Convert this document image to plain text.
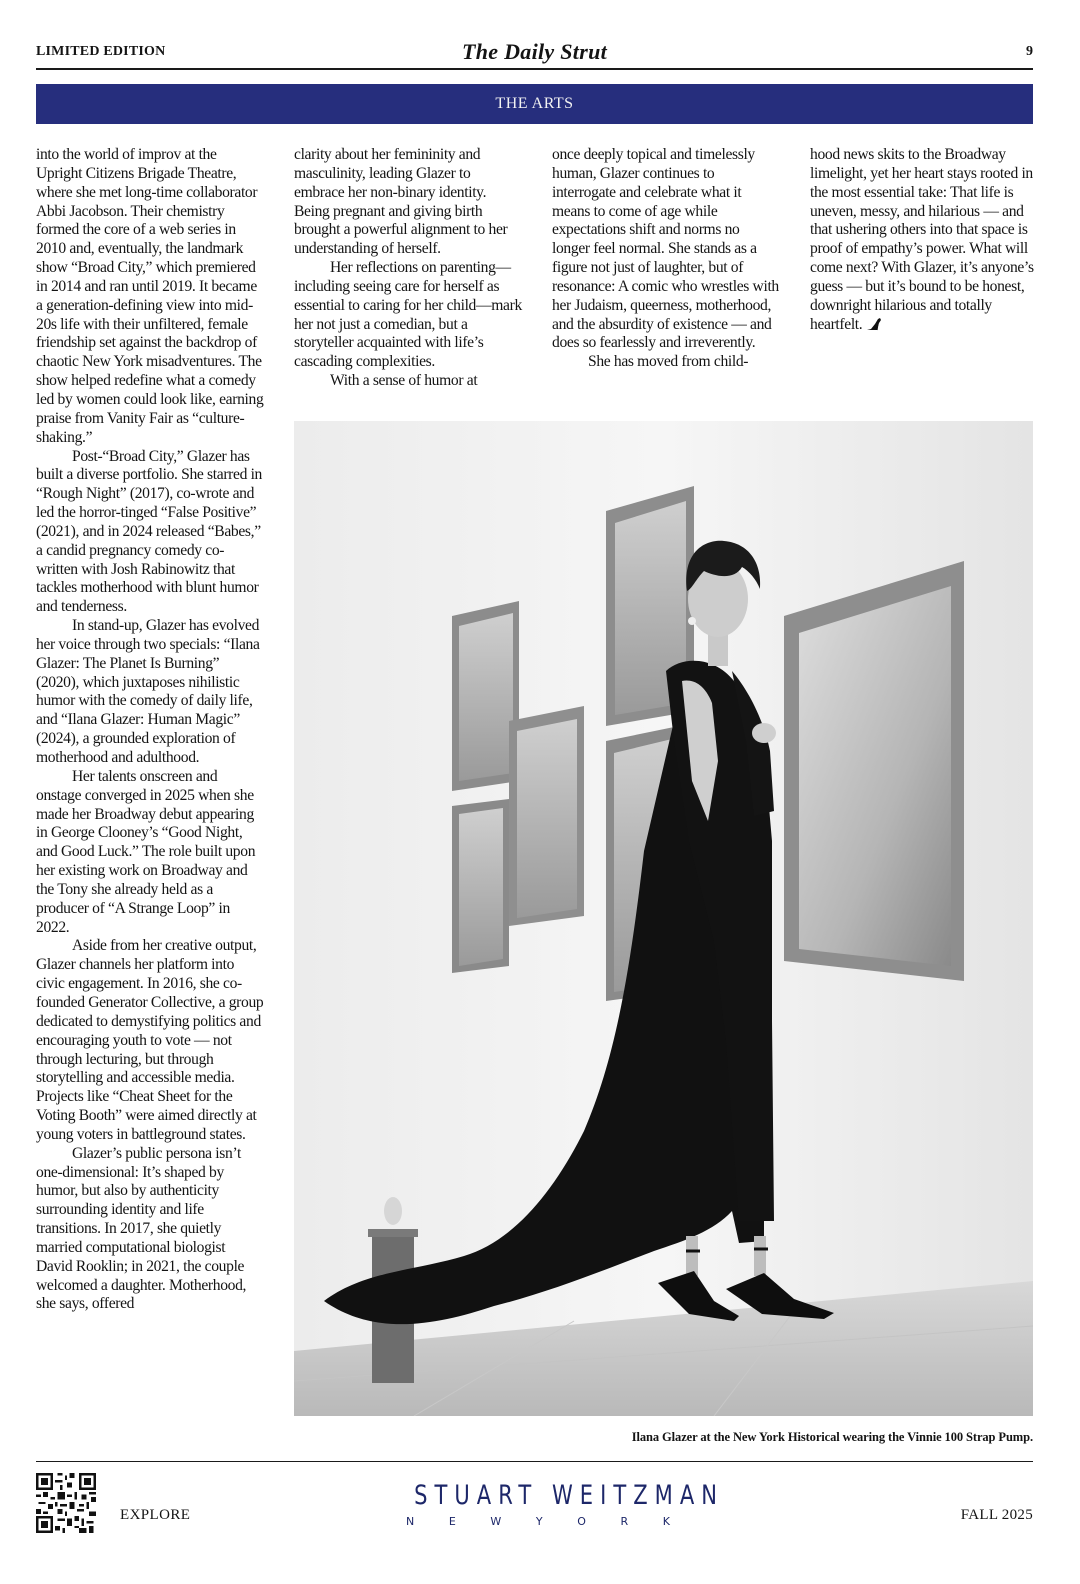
LIMITED EDITION	The Daily Strut	9
THE ARTS

into the world of improv at the Upright Citizens Brigade Theatre, where she met long-time collaborator Abbi Jacobson. Their chemistry formed the core of a web series in 2010 and, eventually, the landmark show “Broad City,” which premiered in 2014 and ran until 2019. It became a generation-defining view into mid-20s life with their unfiltered, female friendship set against the backdrop of chaotic New York misadventures. The show helped redefine what a comedy led by women could look like, earning praise from Vanity Fair as “culture-shaking.”

Post-“Broad City,” Glazer has built a diverse portfolio. She starred in “Rough Night” (2017), co-wrote and led the horror-tinged “False Positive” (2021), and in 2024 released “Babes,” a candid pregnancy comedy co-written with Josh Rabinowitz that tackles motherhood with blunt humor and tenderness.

In stand-up, Glazer has evolved her voice through two specials: “Ilana Glazer: The Planet Is Burning” (2020), which juxtaposes nihilistic humor with the comedy of daily life, and “Ilana Glazer: Human Magic” (2024), a grounded exploration of motherhood and adulthood.

Her talents onscreen and onstage converged in 2025 when she made her Broadway debut appearing in George Clooney’s “Good Night, and Good Luck.” The role built upon her existing work on Broadway and the Tony she already held as a producer of “A Strange Loop” in 2022.

Aside from her creative output, Glazer channels her platform into civic engagement. In 2016, she co-founded Generator Collective, a group dedicated to demystifying politics and encouraging youth to vote — not through lecturing, but through storytelling and accessible media. Projects like “Cheat Sheet for the Voting Booth” were aimed directly at young voters in battleground states.

Glazer’s public persona isn’t one-dimensional: It’s shaped by humor, but also by authenticity surrounding identity and life transitions. In 2017, she quietly married computational biologist David Rooklin; in 2021, the couple welcomed a daughter. Motherhood, she says, offered

clarity about her femininity and masculinity, leading Glazer to embrace her non-binary identity. Being pregnant and giving birth brought a powerful alignment to her understanding of herself.

Her reflections on parenting—including seeing care for herself as essential to caring for her child—mark her not just a comedian, but a storyteller acquainted with life’s cascading complexities.

With a sense of humor at

once deeply topical and timelessly human, Glazer continues to interrogate and celebrate what it means to come of age while expectations shift and norms no longer feel normal. She stands as a figure not just of laughter, but of resonance: A comic who wrestles with her Judaism, queerness, motherhood, and the absurdity of existence — and does so fearlessly and irreverently.

She has moved from child-

hood news skits to the Broadway limelight, yet her heart stays rooted in the most essential take: That life is uneven, messy, and hilarious — and that ushering others into that space is proof of empathy’s power. What will come next? With Glazer, it’s anyone’s guess — but it’s bound to be honest, downright hilarious and totally heartfelt.

Ilana Glazer at the New York Historical wearing the Vinnie 100 Strap Pump.
EXPLORE
STUART WEITZMAN
N	E	W	Y	O	R	K	FALL 2025
